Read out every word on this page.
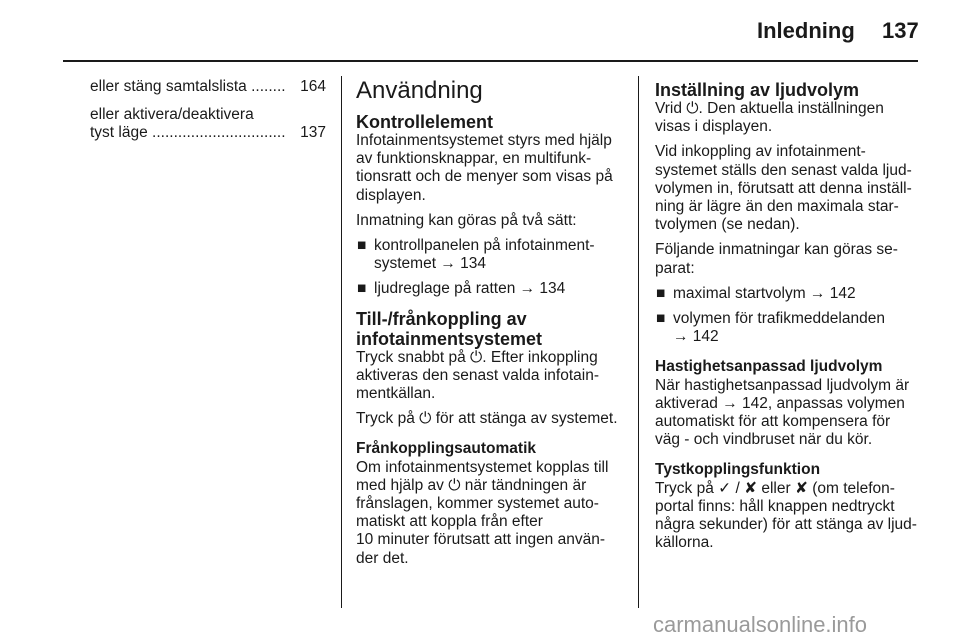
Inledning 137
eller stäng samtalslista
........
164
eller aktivera/deaktivera
tyst läge
...............................
137
Användning
Kontrollelement
Infotainmentsystemet styrs med hjälp
av funktionsknappar, en multifunk-
tionsratt och de menyer som visas på
displayen.
Inmatning kan göras på två sätt:
■ kontrollpanelen på infotainment-
systemet → 134
■ ljudreglage på ratten → 134
Till-/frånkoppling av
infotainmentsystemet
Tryck snabbt på ⏻. Efter inkoppling
aktiveras den senast valda infotain-
mentkällan.
Tryck på ⏻ för att stänga av systemet.
Frånkopplingsautomatik
Om infotainmentsystemet kopplas till
med hjälp av ⏻ när tändningen är
frånslagen, kommer systemet auto-
matiskt att koppla från efter
10 minuter förutsatt att ingen använ-
der det.
Inställning av ljudvolym
Vrid ⏻. Den aktuella inställningen
visas i displayen.
Vid inkoppling av infotainment-
systemet ställs den senast valda ljud-
volymen in, förutsatt att denna inställ-
ning är lägre än den maximala star-
tvolymen (se nedan).
Följande inmatningar kan göras se-
parat:
■ maximal startvolym → 142
■ volymen för trafikmeddelanden
→ 142
Hastighetsanpassad ljudvolym
När hastighetsanpassad ljudvolym är
aktiverad → 142, anpassas volymen
automatiskt för att kompensera för
väg - och vindbruset när du kör.
Tystkopplingsfunktion
Tryck på ✓ / ✘ eller ✘ (om telefon-
portal finns: håll knappen nedtryckt
några sekunder) för att stänga av ljud-
källorna.
carmanualsonline.info
